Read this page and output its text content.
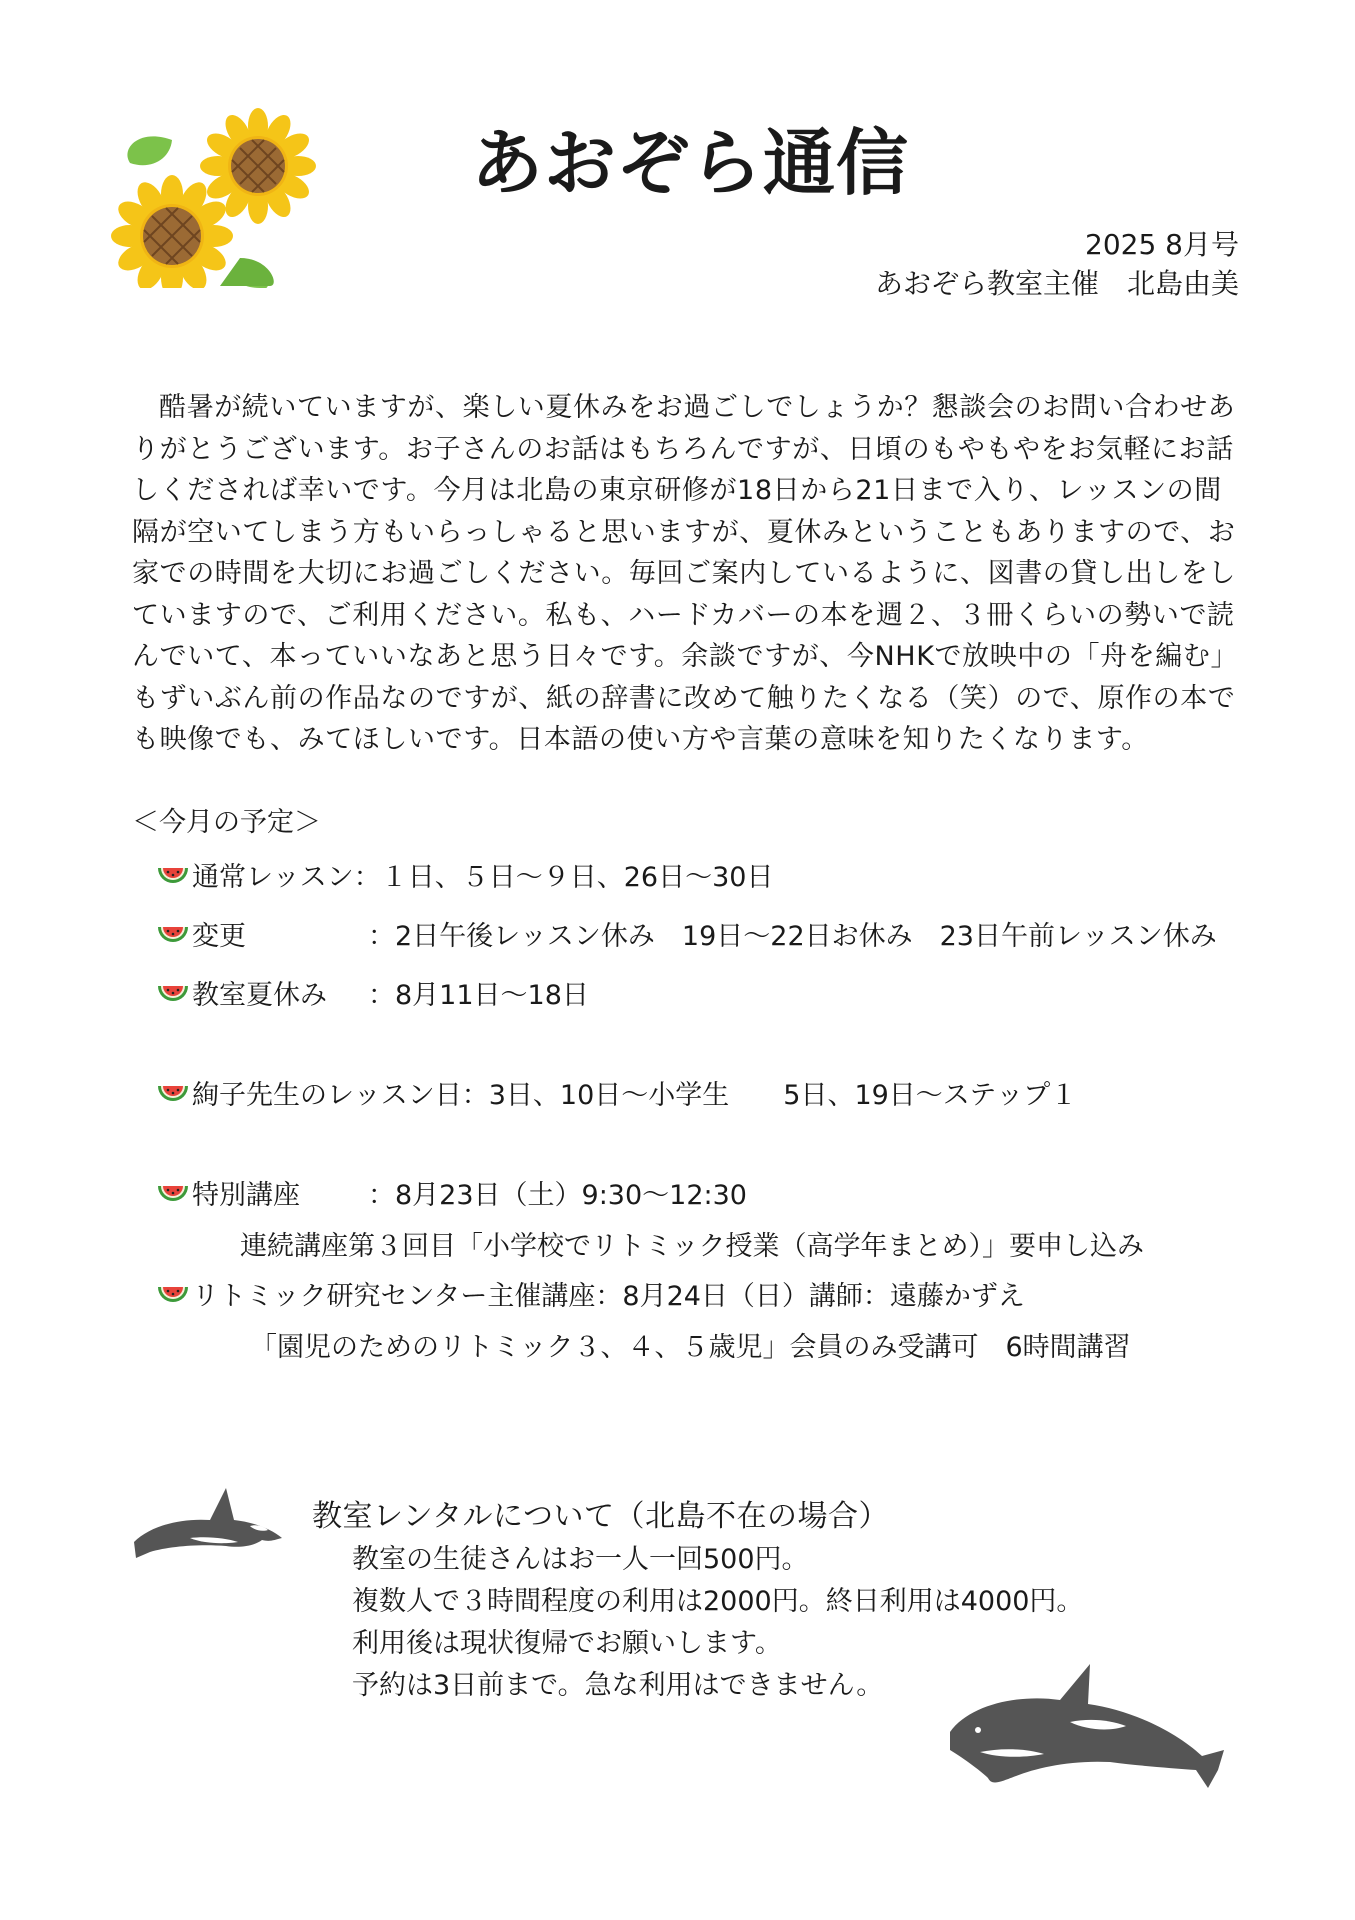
あおぞら通信
2025 8月号
あおぞら教室主催　北島由美

酷暑が続いていますが、楽しい夏休みをお過ごしでしょうか？懇談会のお問い合わせありがとうございます。お子さんのお話はもちろんですが、日頃のもやもやをお気軽にお話しくだされば幸いです。今月は北島の東京研修が18日から21日まで入り、レッスンの間隔が空いてしまう方もいらっしゃると思いますが、夏休みということもありますので、お家での時間を大切にお過ごしください。毎回ご案内しているように、図書の貸し出しをしていますので、ご利用ください。私も、ハードカバーの本を週２、３冊くらいの勢いで読んでいて、本っていいなあと思う日々です。余談ですが、今NHKで放映中の「舟を編む」もずいぶん前の作品なのですが、紙の辞書に改めて触りたくなる（笑）ので、原作の本でも映像でも、みてほしいです。日本語の使い方や言葉の意味を知りたくなります。

＜今月の予定＞
通常レッスン：１日、５日〜９日、26日〜30日
変更	：2日午後レッスン休み　19日〜22日お休み　23日午前レッスン休み
教室夏休み ：8月11日〜18日
絢子先生のレッスン日：3日、10日〜小学生　　5日、19日〜ステップ１
特別講座	：8月23日（土）9:30〜12:30
連続講座第３回目「小学校でリトミック授業（高学年まとめ）」要申し込み
リトミック研究センター主催講座：8月24日（日）講師：遠藤かずえ
「園児のためのリトミック３、４、５歳児」会員のみ受講可　6時間講習
教室レンタルについて（北島不在の場合）
教室の生徒さんはお一人一回500円。
複数人で３時間程度の利用は2000円。終日利用は4000円。
利用後は現状復帰でお願いします。
予約は3日前まで。急な利用はできません。
